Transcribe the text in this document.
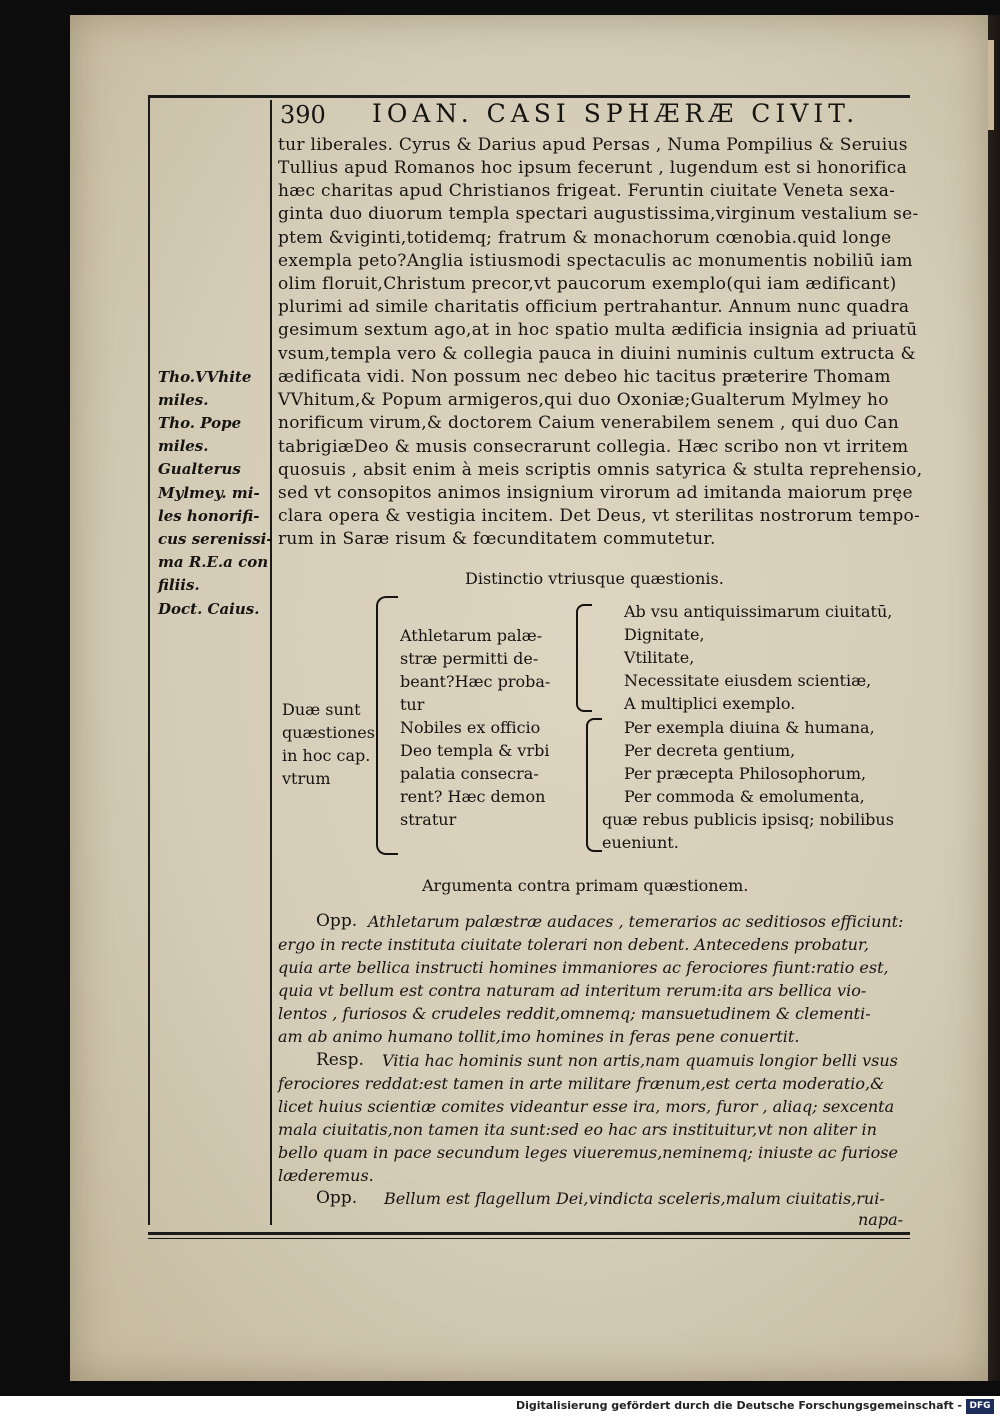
390 IOAN. CASI SPHÆRÆ CIVIT.
Tho.VVhite
miles.
Tho. Pope
miles.
Gualterus
Mylmey. mi-
les honorifi-
cus serenissi-
ma R.E.a con
filiis.
Doct. Caius.
tur liberales. Cyrus & Darius apud Persas , Numa Pompilius & Seruius
Tullius apud Romanos hoc ipsum fecerunt , lugendum est si honorifica
hæc charitas apud Christianos frigeat. Feruntin ciuitate Veneta sexa-
ginta duo diuorum templa spectari augustissima,virginum vestalium se-
ptem &viginti,totidemq; fratrum & monachorum cœnobia.quid longe
exempla peto?Anglia istiusmodi spectaculis ac monumentis nobiliū iam
olim floruit,Christum precor,vt paucorum exemplo(qui iam ædificant)
plurimi ad simile charitatis officium pertrahantur. Annum nunc quadra
gesimum sextum ago,at in hoc spatio multa ædificia insignia ad priuatū
vsum,templa vero & collegia pauca in diuini numinis cultum extructa &
ædificata vidi. Non possum nec debeo hic tacitus præterire Thomam
VVhitum,& Popum armigeros,qui duo Oxoniæ;Gualterum Mylmey ho
norificum virum,& doctorem Caium venerabilem senem , qui duo Can
tabrigiæDeo & musis consecrarunt collegia. Hæc scribo non vt irritem
quosuis , absit enim à meis scriptis omnis satyrica & stulta reprehensio,
sed vt consopitos animos insignium virorum ad imitanda maiorum pręe
clara opera & vestigia incitem. Det Deus, vt sterilitas nostrorum tempo-
rum in Saræ risum & fœcunditatem commutetur.
Distinctio vtriusque quæstionis.
Duæ sunt
quæstiones
in hoc cap.
vtrum
Athletarum palæ-
stræ permitti de-
beant?Hæc proba-
tur
Nobiles ex officio
Deo templa & vrbi
palatia consecra-
rent? Hæc demon
stratur
Ab vsu antiquissimarum ciuitatū,
Dignitate,
Vtilitate,
Necessitate eiusdem scientiæ,
A multiplici exemplo.
Per exempla diuina & humana,
Per decreta gentium,
Per præcepta Philosophorum,
Per commoda & emolumenta,
quæ rebus publicis ipsisq; nobilibus
eueniunt.
Argumenta contra primam quæstionem.
Opp. Athletarum palæstræ audaces , temerarios ac seditiosos efficiunt:
ergo in recte instituta ciuitate tolerari non debent. Antecedens probatur,
quia arte bellica instructi homines immaniores ac ferociores fiunt:ratio est,
quia vt bellum est contra naturam ad interitum rerum:ita ars bellica vio-
lentos , furiosos & crudeles reddit,omnemq; mansuetudinem & clementi-
am ab animo humano tollit,imo homines in feras pene conuertit.
Resp. Vitia hac hominis sunt non artis,nam quamuis longior belli vsus
ferociores reddat:est tamen in arte militare frænum,est certa moderatio,&
licet huius scientiæ comites videantur esse ira, mors, furor , aliaq; sexcenta
mala ciuitatis,non tamen ita sunt:sed eo hac ars instituitur,vt non aliter in
bello quam in pace secundum leges viueremus,neminemq; iniuste ac furiose
læderemus.
Opp. Bellum est flagellum Dei,vindicta sceleris,malum ciuitatis,rui-
napa-
Digitalisierung gefördert durch die Deutsche Forschungsgemeinschaft - DFG
